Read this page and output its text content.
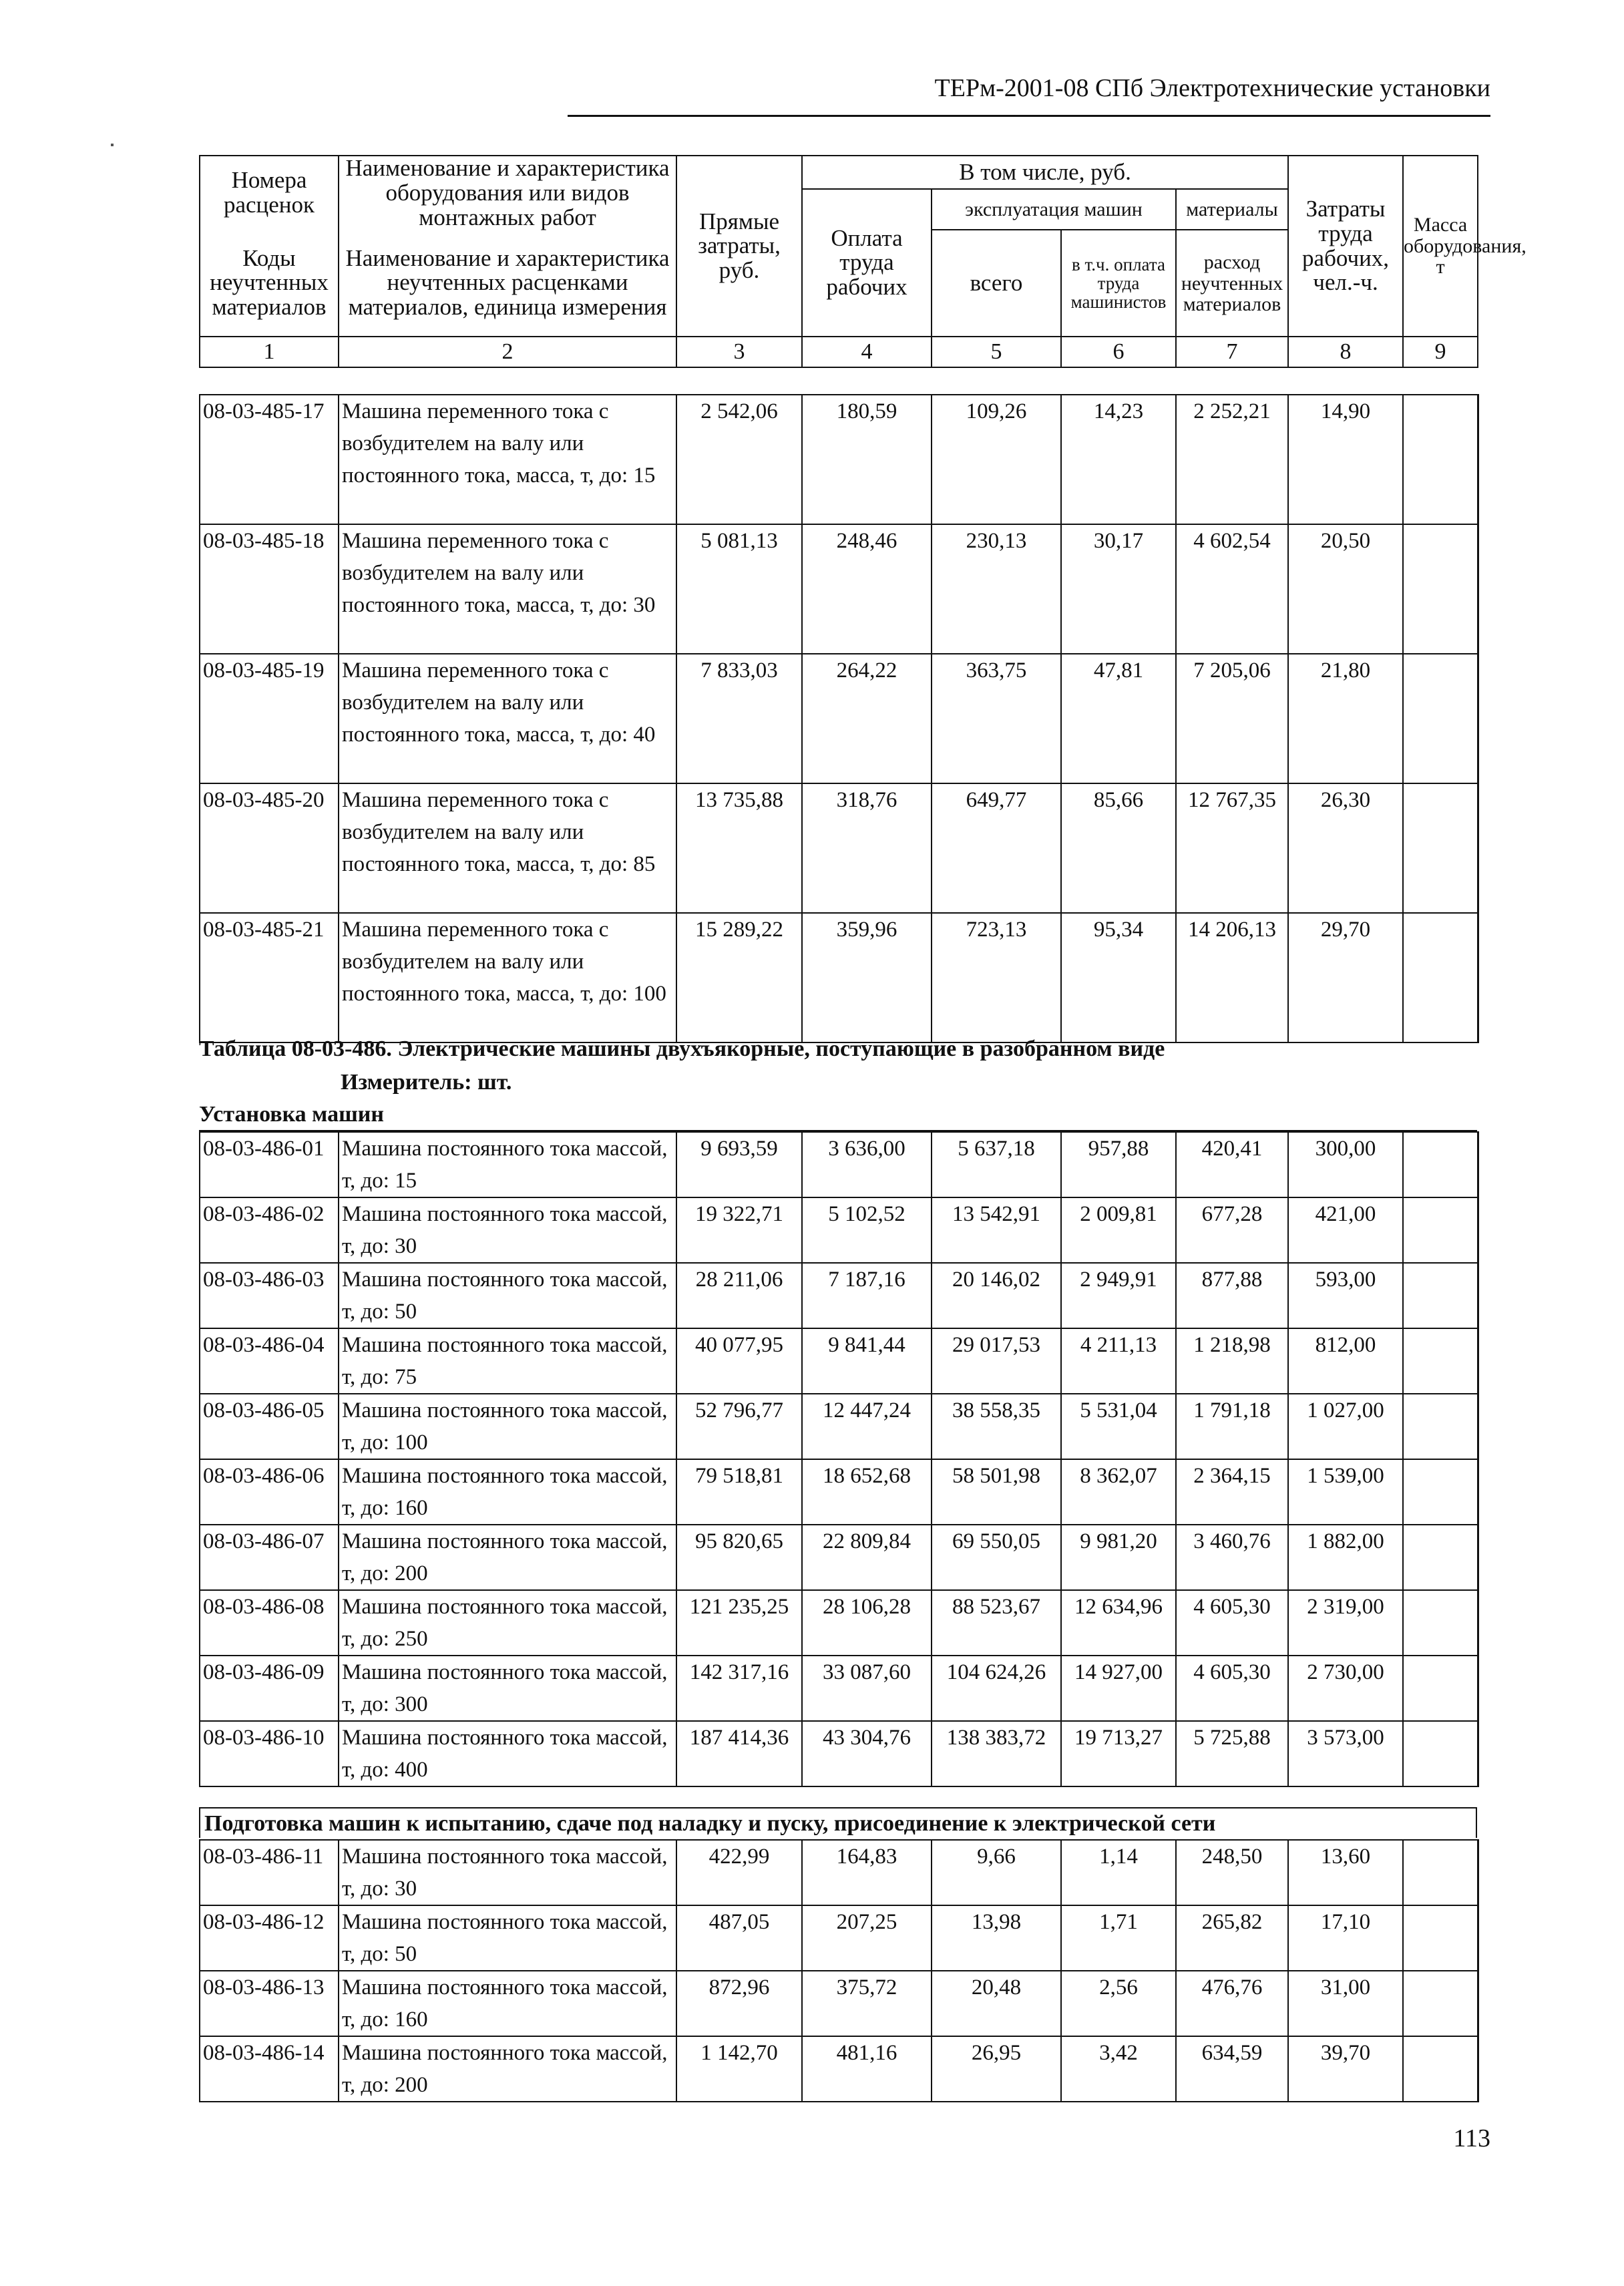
ТЕРм-2001-08 СПб Электротехнические установки
Номера расценок	Наименование и характеристика оборудования или видов монтажных работ	Прямые затраты, руб.	В том числе, руб.				Затраты труда рабочих, чел.-ч.	Масса оборудования, т
			Оплата труда рабочих	эксплуатация машин		материалы		
Коды неучтенных материалов	Наименование и характеристика неучтенных расценками материалов, единица измерения			всего	в т.ч. оплата труда машинистов	расход неучтенных материалов		

1	2	3	4	5	6	7	8	9
08-03-485-17	Машина переменного тока с возбудителем на валу или постоянного тока, масса, т, до: 15	2 542,06	180,59	109,26	14,23	2 252,21	14,90	
08-03-485-18	Машина переменного тока с возбудителем на валу или постоянного тока, масса, т, до: 30	5 081,13	248,46	230,13	30,17	4 602,54	20,50	
08-03-485-19	Машина переменного тока с возбудителем на валу или постоянного тока, масса, т, до: 40	7 833,03	264,22	363,75	47,81	7 205,06	21,80	
08-03-485-20	Машина переменного тока с возбудителем на валу или постоянного тока, масса, т, до: 85	13 735,88	318,76	649,77	85,66	12 767,35	26,30	
08-03-485-21	Машина переменного тока с возбудителем на валу или постоянного тока, масса, т, до: 100	15 289,22	359,96	723,13	95,34	14 206,13	29,70	
Таблица 08-03-486. Электрические машины двухъякорные, поступающие в разобранном виде
Измеритель: шт.
Установка машин
08-03-486-01	Машина постоянного тока массой, т, до: 15	9 693,59	3 636,00	5 637,18	957,88	420,41	300,00	
08-03-486-02	Машина постоянного тока массой, т, до: 30	19 322,71	5 102,52	13 542,91	2 009,81	677,28	421,00	
08-03-486-03	Машина постоянного тока массой, т, до: 50	28 211,06	7 187,16	20 146,02	2 949,91	877,88	593,00	
08-03-486-04	Машина постоянного тока массой, т, до: 75	40 077,95	9 841,44	29 017,53	4 211,13	1 218,98	812,00	
08-03-486-05	Машина постоянного тока массой, т, до: 100	52 796,77	12 447,24	38 558,35	5 531,04	1 791,18	1 027,00	
08-03-486-06	Машина постоянного тока массой, т, до: 160	79 518,81	18 652,68	58 501,98	8 362,07	2 364,15	1 539,00	
08-03-486-07	Машина постоянного тока массой, т, до: 200	95 820,65	22 809,84	69 550,05	9 981,20	3 460,76	1 882,00	
08-03-486-08	Машина постоянного тока массой, т, до: 250	121 235,25	28 106,28	88 523,67	12 634,96	4 605,30	2 319,00	
08-03-486-09	Машина постоянного тока массой, т, до: 300	142 317,16	33 087,60	104 624,26	14 927,00	4 605,30	2 730,00	
08-03-486-10	Машина постоянного тока массой, т, до: 400	187 414,36	43 304,76	138 383,72	19 713,27	5 725,88	3 573,00	
Подготовка машин к испытанию, сдаче под наладку и пуску, присоединение к электрической сети
08-03-486-11	Машина постоянного тока массой, т, до: 30	422,99	164,83	9,66	1,14	248,50	13,60	
08-03-486-12	Машина постоянного тока массой, т, до: 50	487,05	207,25	13,98	1,71	265,82	17,10	
08-03-486-13	Машина постоянного тока массой, т, до: 160	872,96	375,72	20,48	2,56	476,76	31,00	
08-03-486-14	Машина постоянного тока массой, т, до: 200	1 142,70	481,16	26,95	3,42	634,59	39,70	
113
